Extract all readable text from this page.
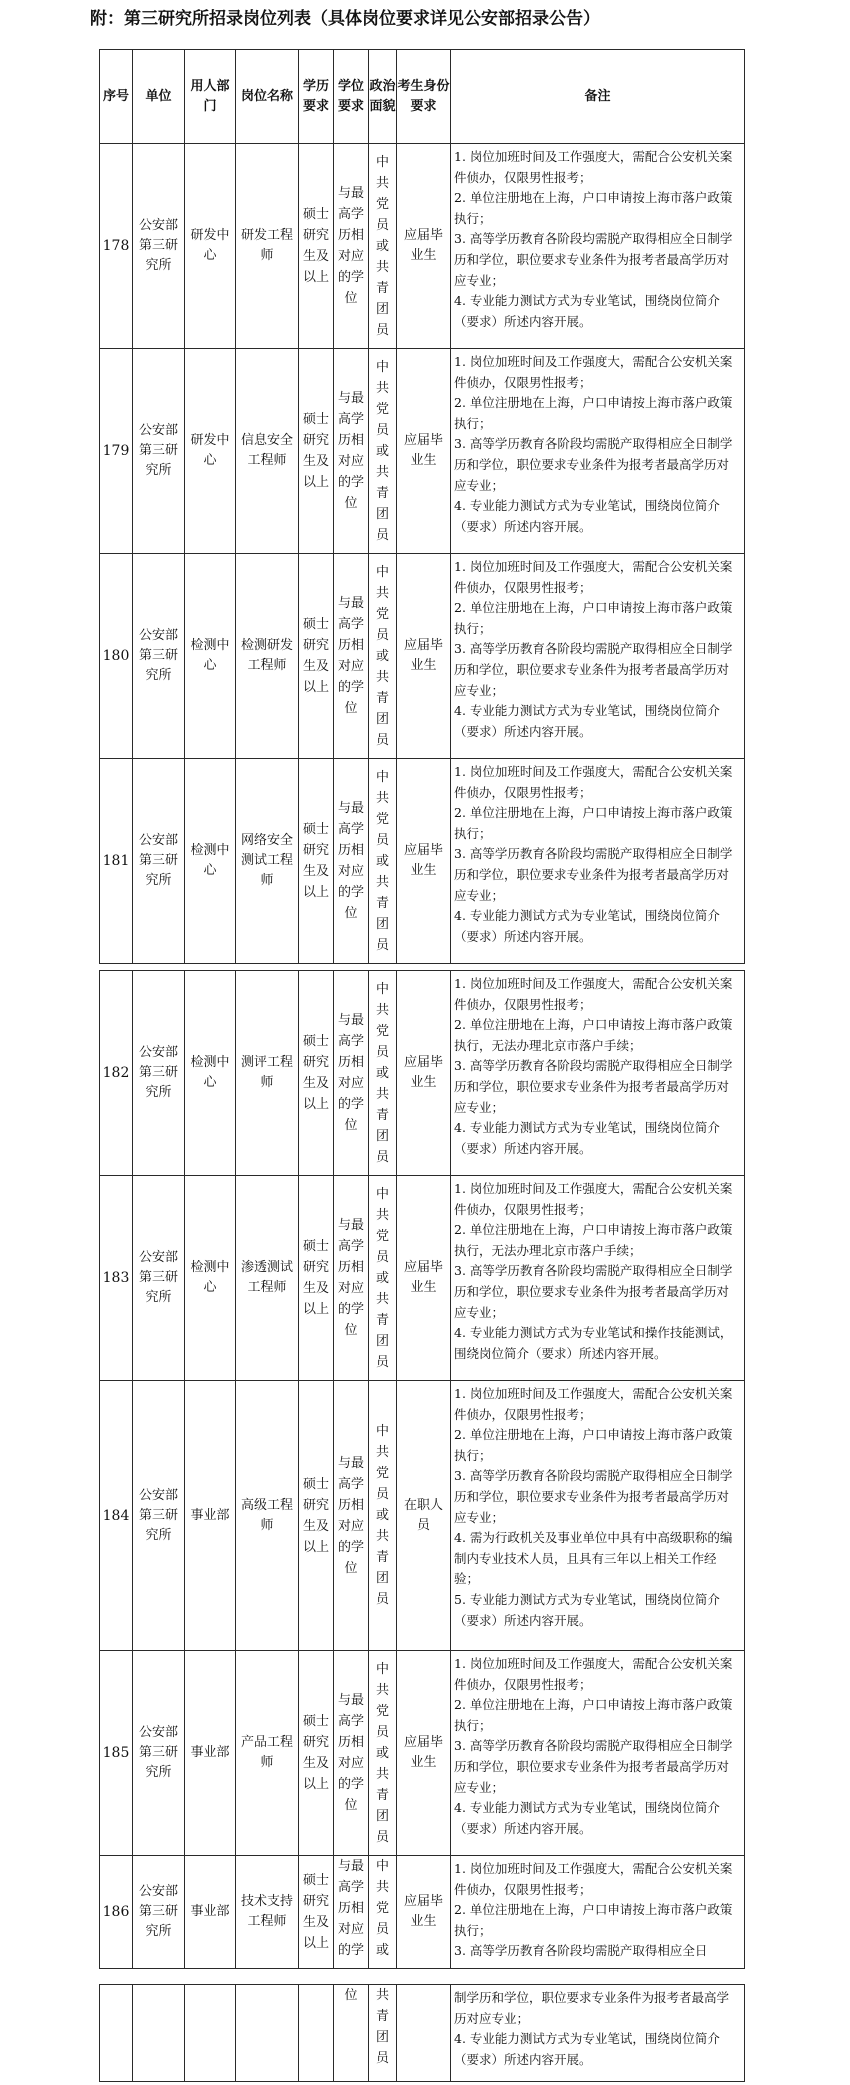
附：第三研究所招录岗位列表（具体岗位要求详见公安部招录公告）
序号	单位	用人部门	岗位名称	学历要求	学位要求	政治面貌	考生身份要求	备注
178	公安部第三研究所	研发中心	研发工程师	硕士研究生及以上	与最高学历相对应的学位	中共党员或共青团员	应届毕业生	1. 岗位加班时间及工作强度大，需配合公安机关案件侦办，仅限男性报考；
2. 单位注册地在上海，户口申请按上海市落户政策执行；
3. 高等学历教育各阶段均需脱产取得相应全日制学历和学位，职位要求专业条件为报考者最高学历对应专业；
4. 专业能力测试方式为专业笔试，围绕岗位简介（要求）所述内容开展。
179	公安部第三研究所	研发中心	信息安全工程师	硕士研究生及以上	与最高学历相对应的学位	中共党员或共青团员	应届毕业生	1. 岗位加班时间及工作强度大，需配合公安机关案件侦办，仅限男性报考；
2. 单位注册地在上海，户口申请按上海市落户政策执行；
3. 高等学历教育各阶段均需脱产取得相应全日制学历和学位，职位要求专业条件为报考者最高学历对应专业；
4. 专业能力测试方式为专业笔试，围绕岗位简介（要求）所述内容开展。
180	公安部第三研究所	检测中心	检测研发工程师	硕士研究生及以上	与最高学历相对应的学位	中共党员或共青团员	应届毕业生	1. 岗位加班时间及工作强度大，需配合公安机关案件侦办，仅限男性报考；
2. 单位注册地在上海，户口申请按上海市落户政策执行；
3. 高等学历教育各阶段均需脱产取得相应全日制学历和学位，职位要求专业条件为报考者最高学历对应专业；
4. 专业能力测试方式为专业笔试，围绕岗位简介（要求）所述内容开展。
181	公安部第三研究所	检测中心	网络安全测试工程师	硕士研究生及以上	与最高学历相对应的学位	中共党员或共青团员	应届毕业生	1. 岗位加班时间及工作强度大，需配合公安机关案件侦办，仅限男性报考；
2. 单位注册地在上海，户口申请按上海市落户政策执行；
3. 高等学历教育各阶段均需脱产取得相应全日制学历和学位，职位要求专业条件为报考者最高学历对应专业；
4. 专业能力测试方式为专业笔试，围绕岗位简介（要求）所述内容开展。
182	公安部第三研究所	检测中心	测评工程师	硕士研究生及以上	与最高学历相对应的学位	中共党员或共青团员	应届毕业生	1. 岗位加班时间及工作强度大，需配合公安机关案件侦办，仅限男性报考；
2. 单位注册地在上海，户口申请按上海市落户政策执行，无法办理北京市落户手续；
3. 高等学历教育各阶段均需脱产取得相应全日制学历和学位，职位要求专业条件为报考者最高学历对应专业；
4. 专业能力测试方式为专业笔试，围绕岗位简介（要求）所述内容开展。
183	公安部第三研究所	检测中心	渗透测试工程师	硕士研究生及以上	与最高学历相对应的学位	中共党员或共青团员	应届毕业生	1. 岗位加班时间及工作强度大，需配合公安机关案件侦办，仅限男性报考；
2. 单位注册地在上海，户口申请按上海市落户政策执行，无法办理北京市落户手续；
3. 高等学历教育各阶段均需脱产取得相应全日制学历和学位，职位要求专业条件为报考者最高学历对应专业；
4. 专业能力测试方式为专业笔试和操作技能测试，围绕岗位简介（要求）所述内容开展。
184	公安部第三研究所	事业部	高级工程师	硕士研究生及以上	与最高学历相对应的学位	中共党员或共青团员	在职人员	1. 岗位加班时间及工作强度大，需配合公安机关案件侦办，仅限男性报考；
2. 单位注册地在上海，户口申请按上海市落户政策执行；
3. 高等学历教育各阶段均需脱产取得相应全日制学历和学位，职位要求专业条件为报考者最高学历对应专业；
4. 需为行政机关及事业单位中具有中高级职称的编制内专业技术人员，且具有三年以上相关工作经验；
5. 专业能力测试方式为专业笔试，围绕岗位简介（要求）所述内容开展。
185	公安部第三研究所	事业部	产品工程师	硕士研究生及以上	与最高学历相对应的学位	中共党员或共青团员	应届毕业生	1. 岗位加班时间及工作强度大，需配合公安机关案件侦办，仅限男性报考；
2. 单位注册地在上海，户口申请按上海市落户政策执行；
3. 高等学历教育各阶段均需脱产取得相应全日制学历和学位，职位要求专业条件为报考者最高学历对应专业；
4. 专业能力测试方式为专业笔试，围绕岗位简介（要求）所述内容开展。
186	公安部第三研究所	事业部	技术支持工程师	硕士研究生及以上	与最高学历相对应的学	中共党员或	应届毕业生	1. 岗位加班时间及工作强度大，需配合公安机关案件侦办，仅限男性报考；
2. 单位注册地在上海，户口申请按上海市落户政策执行；
3. 高等学历教育各阶段均需脱产取得相应全日
					位	共青团员		制学历和学位，职位要求专业条件为报考者最高学历对应专业；
4. 专业能力测试方式为专业笔试，围绕岗位简介（要求）所述内容开展。
